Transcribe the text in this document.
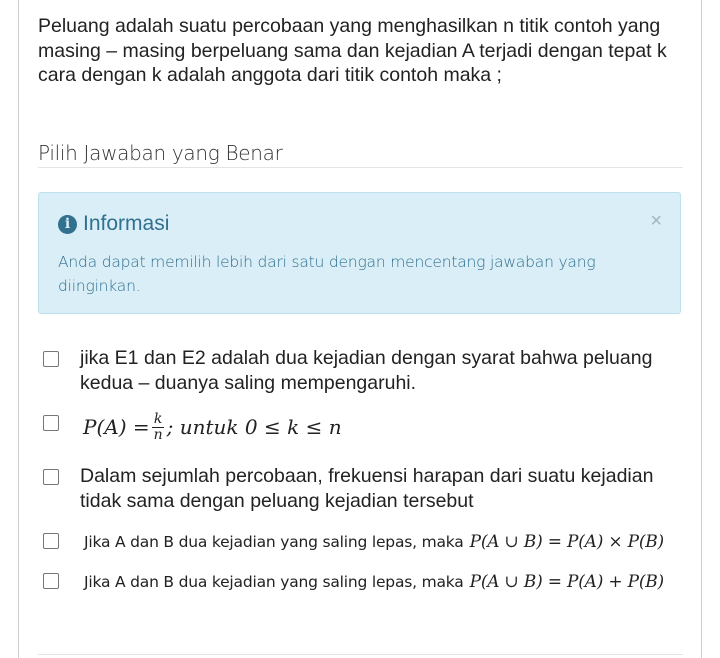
Peluang adalah suatu percobaan yang menghasilkan n titik contoh yang masing – masing berpeluang sama dan kejadian A terjadi dengan tepat k cara dengan k adalah anggota dari titik contoh maka ;
Pilih Jawaban yang Benar
i Informasi	×
Anda dapat memilih lebih dari satu dengan mencentang jawaban yang diinginkan.
jika E1 dan E2 adalah dua kejadian dengan syarat bahwa peluang kedua – duanya saling mempengaruhi.
$P(A) = \frac{k}{n}$ ; untuk 0 ≤ k ≤ n
Dalam sejumlah percobaan, frekuensi harapan dari suatu kejadian tidak sama dengan peluang kejadian tersebut
Jika A dan B dua kejadian yang saling lepas, maka P(A ∪ B) = P(A) × P(B)
Jika A dan B dua kejadian yang saling lepas, maka P(A ∪ B) = P(A) + P(B)
